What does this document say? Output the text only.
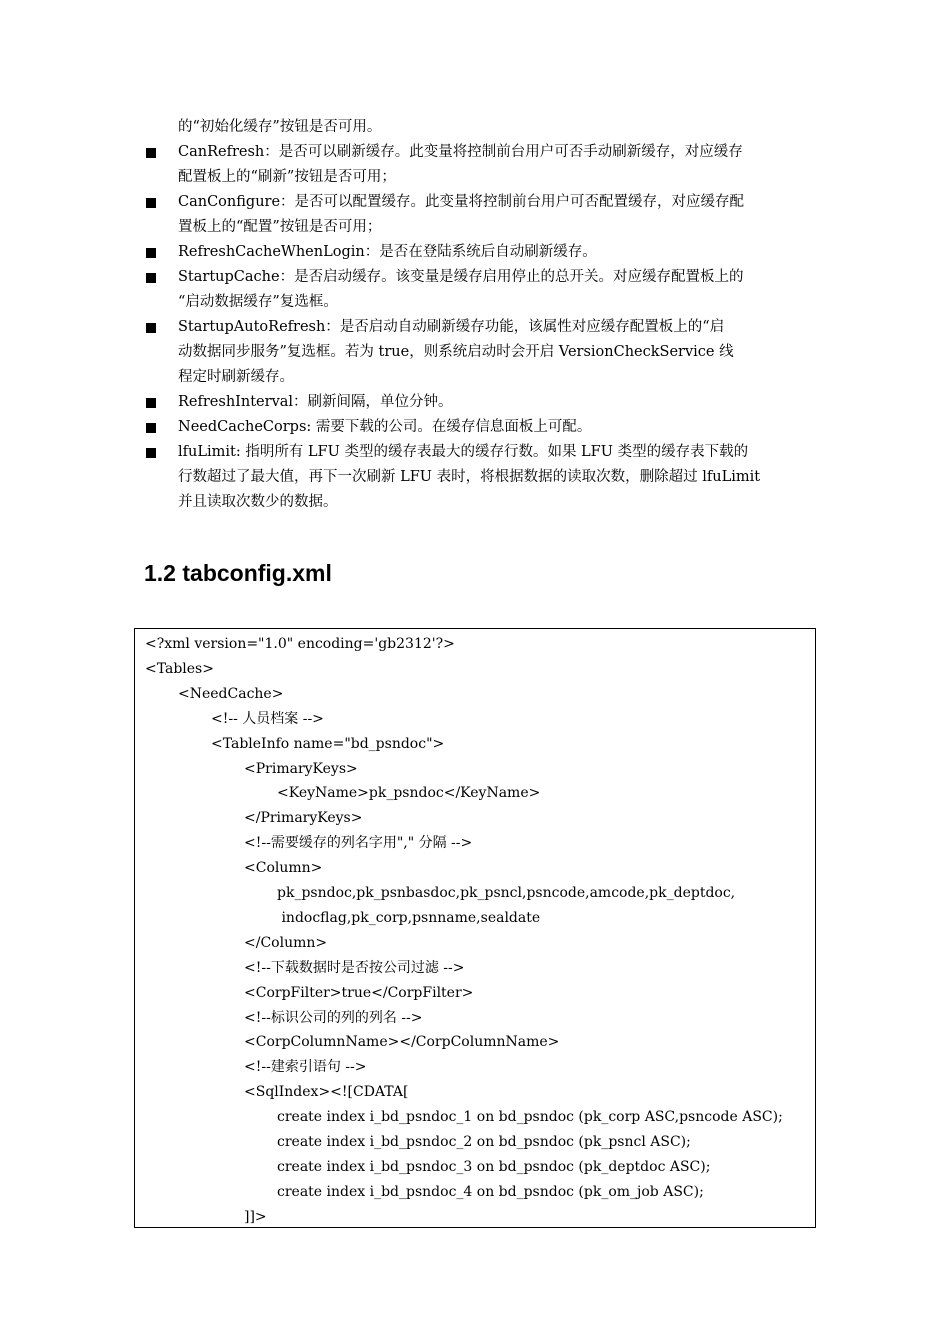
的“初始化缓存”按钮是否可用。
CanRefresh：是否可以刷新缓存。此变量将控制前台用户可否手动刷新缓存，对应缓存
配置板上的“刷新”按钮是否可用；
CanConfigure：是否可以配置缓存。此变量将控制前台用户可否配置缓存，对应缓存配
置板上的“配置”按钮是否可用；
RefreshCacheWhenLogin：是否在登陆系统后自动刷新缓存。
StartupCache：是否启动缓存。该变量是缓存启用停止的总开关。对应缓存配置板上的
“启动数据缓存”复选框。
StartupAutoRefresh：是否启动自动刷新缓存功能，该属性对应缓存配置板上的“启
动数据同步服务”复选框。若为 true，则系统启动时会开启 VersionCheckService 线
程定时刷新缓存。
RefreshInterval：刷新间隔，单位分钟。
NeedCacheCorps: 需要下载的公司。在缓存信息面板上可配。
lfuLimit: 指明所有 LFU 类型的缓存表最大的缓存行数。如果 LFU 类型的缓存表下载的
行数超过了最大值，再下一次刷新 LFU 表时，将根据数据的读取次数，删除超过 lfuLimit
并且读取次数少的数据。
1.2 tabconfig.xml
<?xml version="1.0" encoding='gb2312'?>
<Tables>
<NeedCache>
<!-- 人员档案 -->
<TableInfo name="bd_psndoc">
<PrimaryKeys>
<KeyName>pk_psndoc</KeyName>
</PrimaryKeys>
<!--需要缓存的列名字用"," 分隔 -->
<Column>
pk_psndoc,pk_psnbasdoc,pk_psncl,psncode,amcode,pk_deptdoc,
indocflag,pk_corp,psnname,sealdate
</Column>
<!--下载数据时是否按公司过滤 -->
<CorpFilter>true</CorpFilter>
<!--标识公司的列的列名 -->
<CorpColumnName></CorpColumnName>
<!--建索引语句 -->
<SqlIndex><![CDATA[
create index i_bd_psndoc_1 on bd_psndoc (pk_corp ASC,psncode ASC);
create index i_bd_psndoc_2 on bd_psndoc (pk_psncl ASC);
create index i_bd_psndoc_3 on bd_psndoc (pk_deptdoc ASC);
create index i_bd_psndoc_4 on bd_psndoc (pk_om_job ASC);
]]>
